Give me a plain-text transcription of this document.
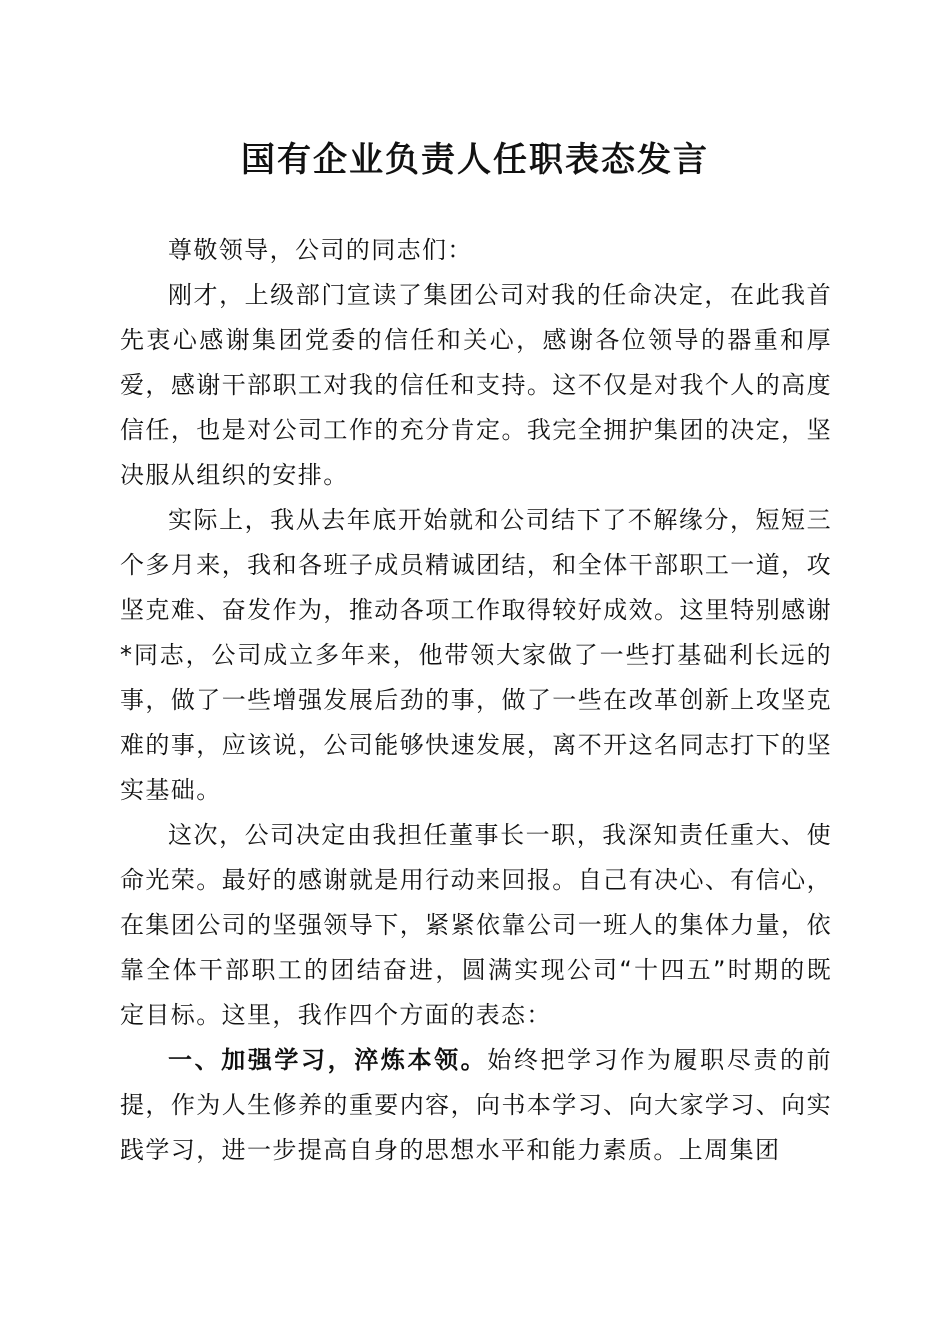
国有企业负责人任职表态发言

尊敬领导，公司的同志们：

刚才，上级部门宣读了集团公司对我的任命决定，在此我首先衷心感谢集团党委的信任和关心，感谢各位领导的器重和厚爱，感谢干部职工对我的信任和支持。这不仅是对我个人的高度信任，也是对公司工作的充分肯定。我完全拥护集团的决定，坚决服从组织的安排。

实际上，我从去年底开始就和公司结下了不解缘分，短短三个多月来，我和各班子成员精诚团结，和全体干部职工一道，攻坚克难、奋发作为，推动各项工作取得较好成效。这里特别感谢*同志，公司成立多年来，他带领大家做了一些打基础利长远的事，做了一些增强发展后劲的事，做了一些在改革创新上攻坚克难的事，应该说，公司能够快速发展，离不开这名同志打下的坚实基础。

这次，公司决定由我担任董事长一职，我深知责任重大、使命光荣。最好的感谢就是用行动来回报。自己有决心、有信心，在集团公司的坚强领导下，紧紧依靠公司一班人的集体力量，依靠全体干部职工的团结奋进，圆满实现公司“十四五”时期的既定目标。这里，我作四个方面的表态：

一、加强学习，淬炼本领。始终把学习作为履职尽责的前提，作为人生修养的重要内容，向书本学习、向大家学习、向实践学习，进一步提高自身的思想水平和能力素质。上周集团
